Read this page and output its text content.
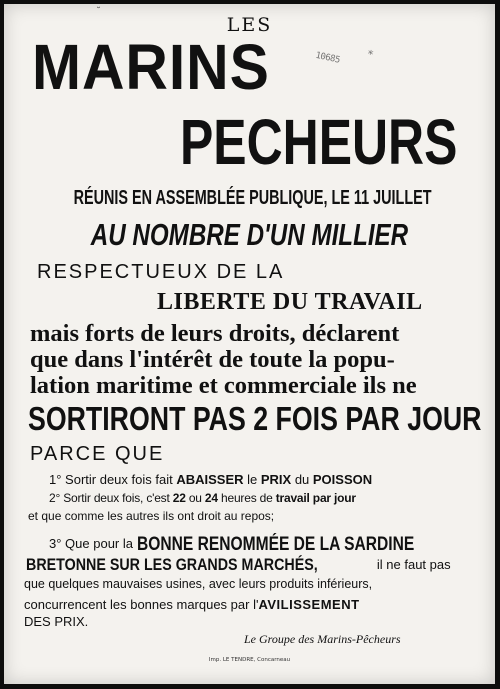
˘
10685 *
LES
MARINS
PECHEURS
RÉUNIS EN ASSEMBLÉE PUBLIQUE, LE 11 JUILLET
AU NOMBRE D'UN MILLIER
RESPECTUEUX DE LA
LIBERTE DU TRAVAIL
mais forts de leurs droits, déclarent
que dans l'intérêt de toute la popu-
lation maritime et commerciale ils ne
SORTIRONT PAS 2 FOIS PAR JOUR
PARCE QUE
1° Sortir deux fois fait ABAISSER le PRIX du POISSON
2° Sortir deux fois, c'est 22 ou 24 heures de travail par jour
et que comme les autres ils ont droit au repos;
3° Que pour la BONNE RENOMMÉE DE LA SARDINE
BRETONNE SUR LES GRANDS MARCHÉS,	il ne faut pas
que quelques mauvaises usines, avec leurs produits inférieurs,
concurrencent les bonnes marques par l'AVILISSEMENT
DES PRIX.
Le Groupe des Marins-Pêcheurs
Imp. LE TENDRE, Concarneau
